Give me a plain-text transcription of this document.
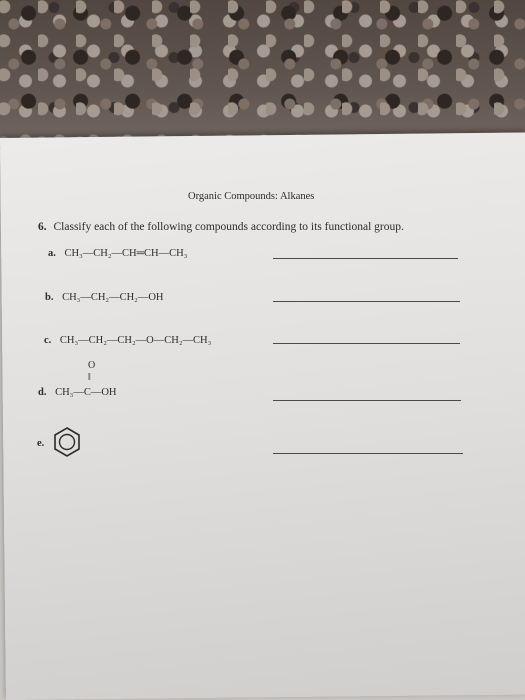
Organic Compounds: Alkanes
6. Classify each of the following compounds according to its functional group.
a. CH₃—CH₂—CH═CH—CH₃
b. CH₃—CH₂—CH₂—OH
c. CH₃—CH₂—CH₂—O—CH₂—CH₃
O
‖
d. CH₃—C—OH
e.
